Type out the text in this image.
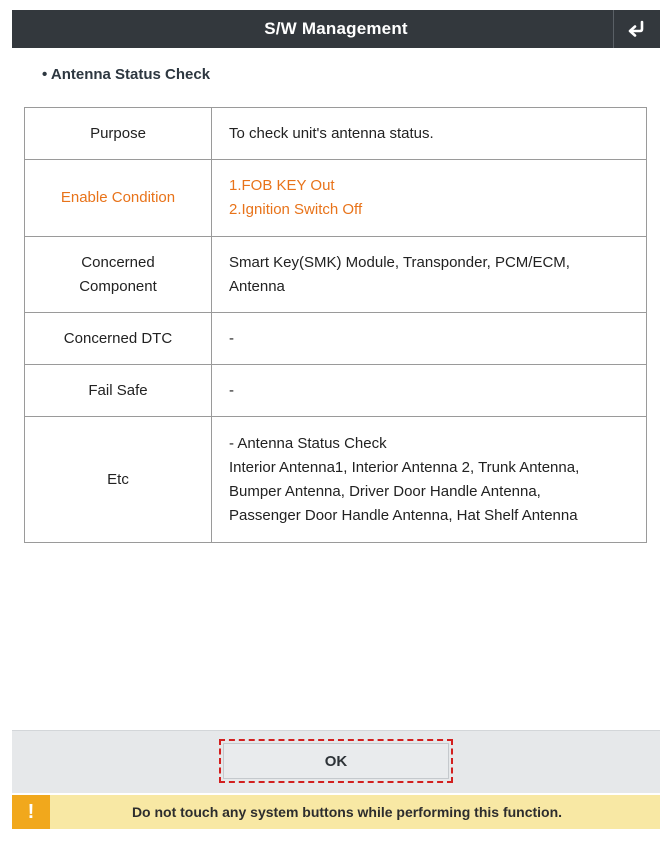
S/W Management
• Antenna Status Check
Purpose	To check unit's antenna status.

Enable Condition	1.FOB KEY Out
2.Ignition Switch Off

Concerned
Component	Smart Key(SMK) Module, Transponder, PCM/ECM,
Antenna

Concerned DTC	-

Fail Safe	-

Etc	- Antenna Status Check
Interior Antenna1, Interior Antenna 2, Trunk Antenna,
Bumper Antenna, Driver Door Handle Antenna,
Passenger Door Handle Antenna, Hat Shelf Antenna
OK
!	Do not touch any system buttons while performing this function.
